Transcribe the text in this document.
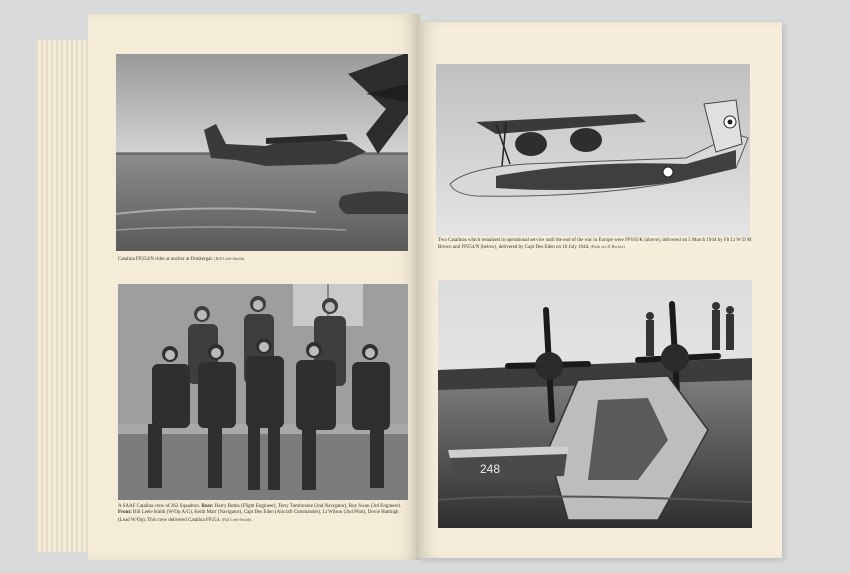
Catalina FP254/N rides at anchor at Donkergat. (Bill Leeb-Smith)
A SAAF Catalina crew of 262 Squadron. Rear: Harry Botha (Flight Engineer), Terry Tumbrooke (2nd Navigator), Roy Swan (3rd Engineer). Front: Bill Leeb-Smith (W/Op A/G), Keith Marr (Navigator), Capt Des Eden (Aircraft Commander), Lt Wilson (2nd Pilot), Dovie Hattingh (Lead W/Op). This crew delivered Catalina FP254. (Bill Leeb-Smith)
Two Catalinas which remained in operational service until the end of the war in Europe were FP105/K (above), delivered on 5 March 1944 by Flt Lt W D M Brown and FP254/N (below), delivered by Capt Des Eden on 16 July 1944. (Both via D Becker)
248
